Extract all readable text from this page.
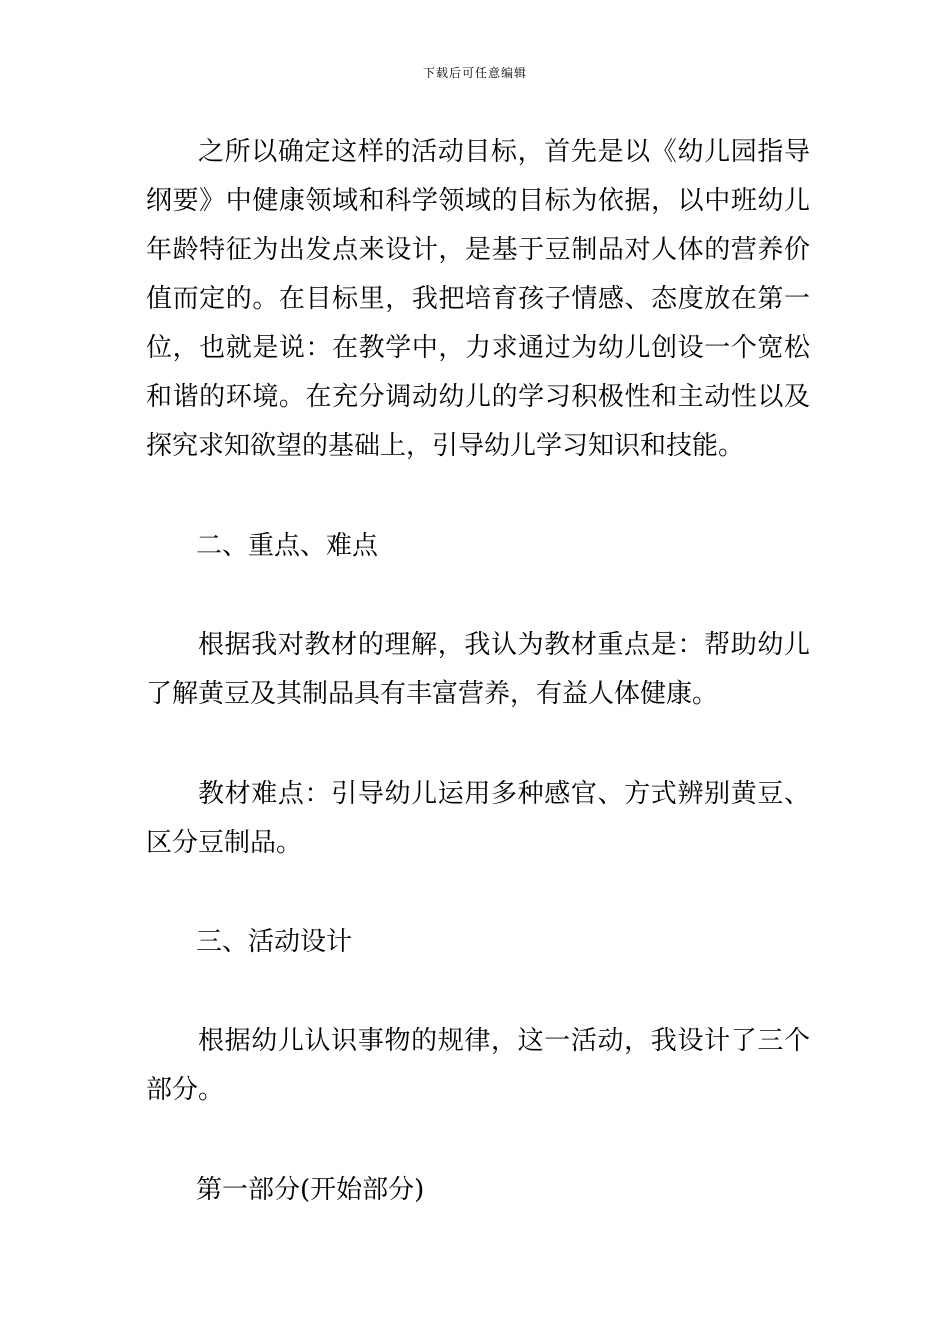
下载后可任意编辑

之所以确定这样的活动目标，首先是以《幼儿园指导纲要》中健康领域和科学领域的目标为依据，以中班幼儿年龄特征为出发点来设计，是基于豆制品对人体的营养价值而定的。在目标里，我把培育孩子情感、态度放在第一位，也就是说：在教学中，力求通过为幼儿创设一个宽松和谐的环境。在充分调动幼儿的学习积极性和主动性以及探究求知欲望的基础上，引导幼儿学习知识和技能。

二、重点、难点

根据我对教材的理解，我认为教材重点是：帮助幼儿了解黄豆及其制品具有丰富营养，有益人体健康。

教材难点：引导幼儿运用多种感官、方式辨别黄豆、区分豆制品。

三、活动设计

根据幼儿认识事物的规律，这一活动，我设计了三个部分。

第一部分(开始部分)
